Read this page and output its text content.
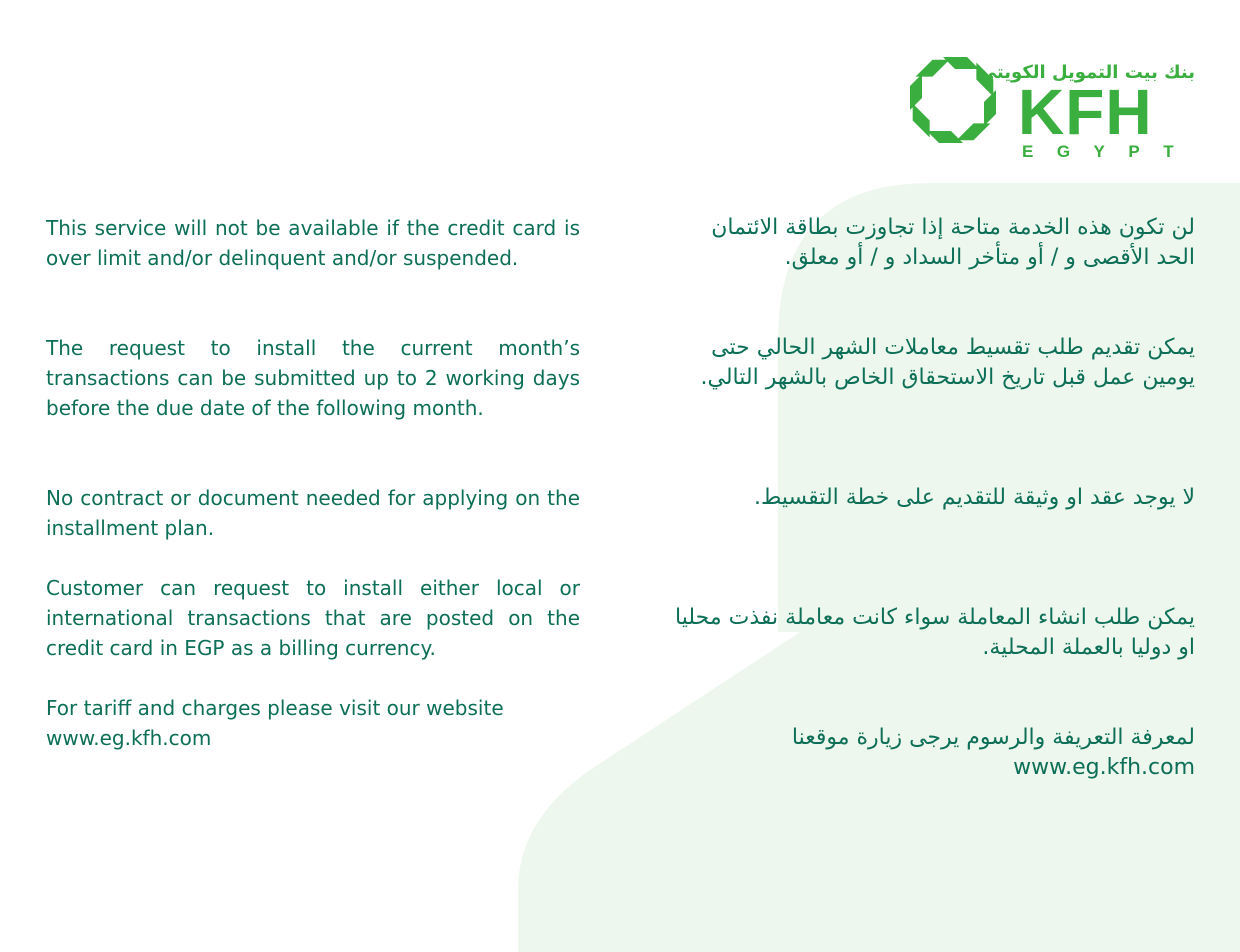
بنك بيت التمويل الكويتي
KFH
EGYPT

This service will not be available if the credit card is over limit and/or delinquent and/or suspended.

The request to install the current month’s transactions can be submitted up to 2 working days before the due date of the following month.

No contract or document needed for applying on the installment plan.

Customer can request to install either local or international transactions that are posted on the credit card in EGP as a billing currency.

For tariff and charges please visit our website
www.eg.kfh.com

لن تكون هذه الخدمة متاحة إذا تجاوزت بطاقة الائتمان الحد الأقصى و / أو متأخر السداد و / أو معلق.

يمكن تقديم طلب تقسيط معاملات الشهر الحالي حتى يومين عمل قبل تاريخ الاستحقاق الخاص بالشهر التالي.

لا يوجد عقد او وثيقة للتقديم على خطة التقسيط.

يمكن طلب انشاء المعاملة سواء كانت معاملة نفذت محليا او دوليا بالعملة المحلية.

لمعرفة التعريفة والرسوم يرجى زيارة موقعنا
www.eg.kfh.com
